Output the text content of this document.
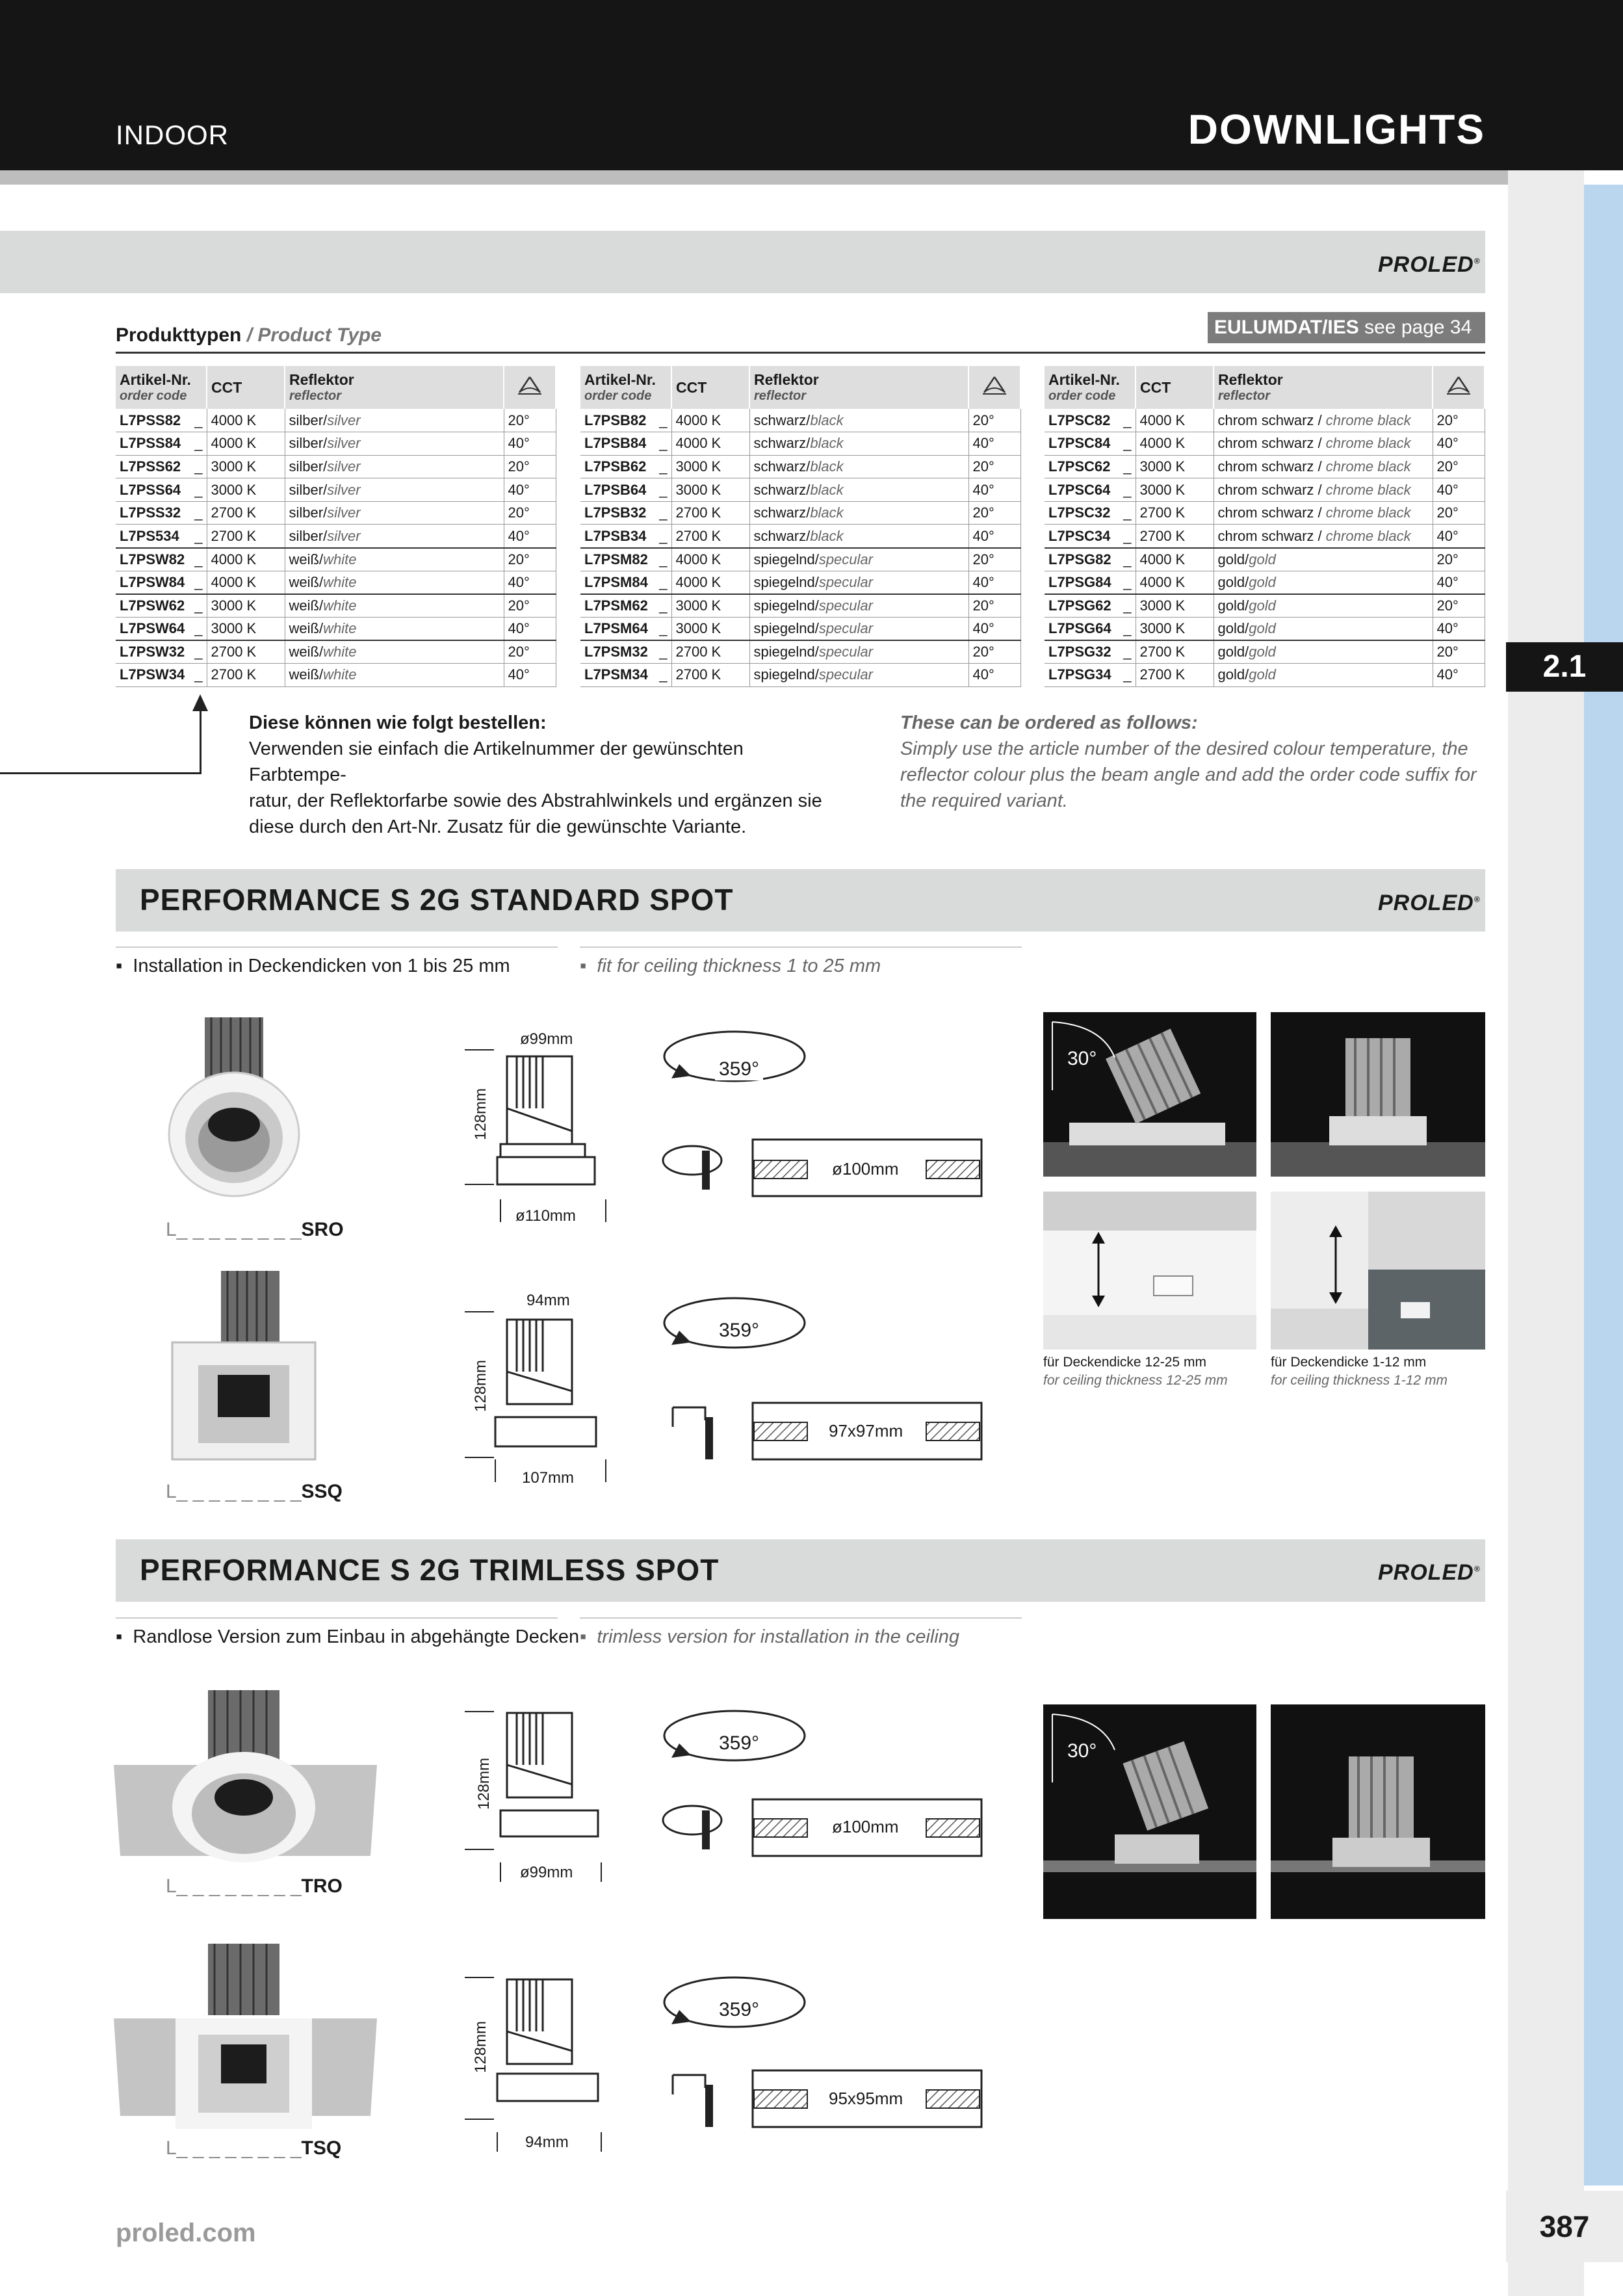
INDOOR	DOWNLIGHTS
2.1
387
proled.com
PROLED®
Produkttypen / Product Type	EULUMDAT/IES see page 34
Artikel-Nr.
order code	CCT	Reflektor
reflector

L7PSS82 _	4000 K	silber/silver	20°
L7PSS84 _	4000 K	silber/silver	40°
L7PSS62 _	3000 K	silber/silver	20°
L7PSS64 _	3000 K	silber/silver	40°
L7PSS32 _	2700 K	silber/silver	20°
L7PS534 _	2700 K	silber/silver	40°
L7PSW82 _	4000 K	weiß/white	20°
L7PSW84 _	4000 K	weiß/white	40°
L7PSW62 _	3000 K	weiß/white	20°
L7PSW64 _	3000 K	weiß/white	40°
L7PSW32 _	2700 K	weiß/white	20°
L7PSW34 _	2700 K	weiß/white	40°
Artikel-Nr.
order code	CCT	Reflektor
reflector

L7PSB82 _	4000 K	schwarz/black	20°
L7PSB84 _	4000 K	schwarz/black	40°
L7PSB62 _	3000 K	schwarz/black	20°
L7PSB64 _	3000 K	schwarz/black	40°
L7PSB32 _	2700 K	schwarz/black	20°
L7PSB34 _	2700 K	schwarz/black	40°
L7PSM82 _	4000 K	spiegelnd/specular	20°
L7PSM84 _	4000 K	spiegelnd/specular	40°
L7PSM62 _	3000 K	spiegelnd/specular	20°
L7PSM64 _	3000 K	spiegelnd/specular	40°
L7PSM32 _	2700 K	spiegelnd/specular	20°
L7PSM34 _	2700 K	spiegelnd/specular	40°
Artikel-Nr.
order code	CCT	Reflektor
reflector

L7PSC82 _	4000 K	chrom schwarz / chrome black	20°
L7PSC84 _	4000 K	chrom schwarz / chrome black	40°
L7PSC62 _	3000 K	chrom schwarz / chrome black	20°
L7PSC64 _	3000 K	chrom schwarz / chrome black	40°
L7PSC32 _	2700 K	chrom schwarz / chrome black	20°
L7PSC34 _	2700 K	chrom schwarz / chrome black	40°
L7PSG82 _	4000 K	gold/gold	20°
L7PSG84 _	4000 K	gold/gold	40°
L7PSG62 _	3000 K	gold/gold	20°
L7PSG64 _	3000 K	gold/gold	40°
L7PSG32 _	2700 K	gold/gold	20°
L7PSG34 _	2700 K	gold/gold	40°
Diese können wie folgt bestellen:
Verwenden sie einfach die Artikelnummer der gewünschten Farbtempe-
ratur, der Reflektorfarbe sowie des Abstrahlwinkels und ergänzen sie
diese durch den Art-Nr. Zusatz für die gewünschte Variante.
These can be ordered as follows:
Simply use the article number of the desired colour temperature, the
reflector colour plus the beam angle and add the order code suffix for
the required variant.
PERFORMANCE S 2G STANDARD SPOT	PROLED®
▪ Installation in Deckendicken von 1 bis 25 mm	▪ fit for ceiling thickness 1 to 25 mm
L_ _ _ _ _ _ _ _SRO
ø99mm
128mm
ø110mm
359°
ø100mm
L_ _ _ _ _ _ _ _SSQ
94mm
128mm
107mm
359°
97x97mm
30°
für Deckendicke 12-25 mm
for ceiling thickness 12-25 mm
für Deckendicke 1-12 mm
for ceiling thickness 1-12 mm
PERFORMANCE S 2G TRIMLESS SPOT	PROLED®
▪ Randlose Version zum Einbau in abgehängte Decken ▪ trimless version for installation in the ceiling
L_ _ _ _ _ _ _ _TRO
128mm
ø99mm
359°
ø100mm
L_ _ _ _ _ _ _ _TSQ
128mm
94mm
359°
95x95mm
30°
